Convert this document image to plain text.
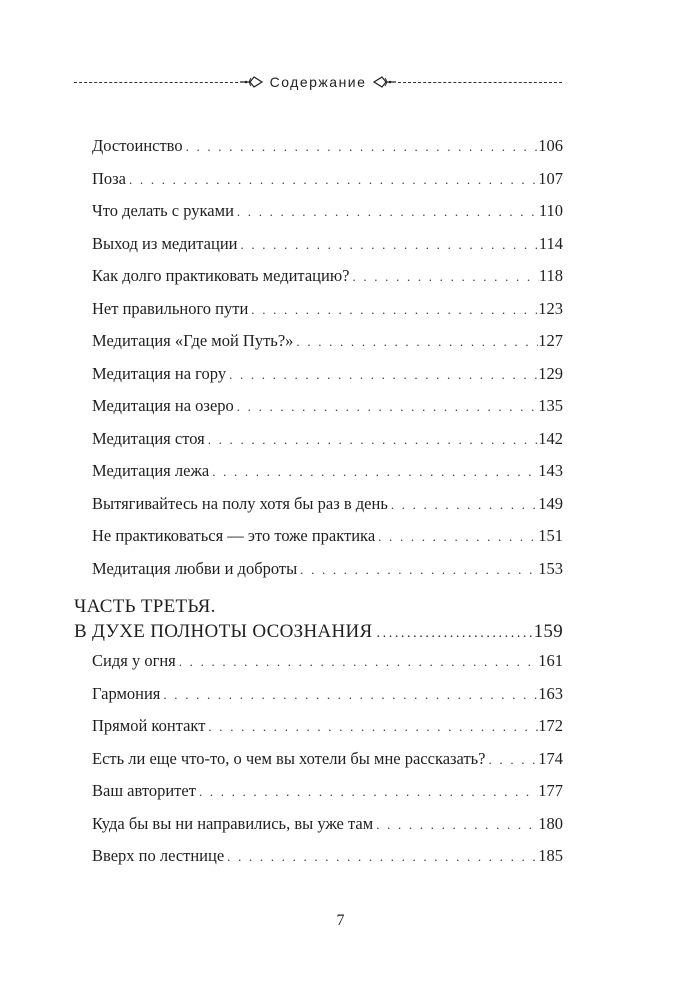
Содержание
Достоинство . . .	106
Поза . . .	107
Что делать с руками . . .	110
Выход из медитации . . .	114
Как долго практиковать медитацию? . . .	118
Нет правильного пути . . .	123
Медитация «Где мой Путь?» . . .	127
Медитация на гору . . .	129
Медитация на озеро . . .	135
Медитация стоя . . .	142
Медитация лежа . . .	143
Вытягивайтесь на полу хотя бы раз в день . . .	149
Не практиковаться — это тоже практика . . .	151
Медитация любви и доброты . . .	153
ЧАСТЬ ТРЕТЬЯ.
В ДУХЕ ПОЛНОТЫ ОСОЗНАНИЯ .....	159
Сидя у огня . . .	161
Гармония . . .	163
Прямой контакт . . .	172
Есть ли еще что-то, о чем вы хотели бы мне рассказать? . . .	174
Ваш авторитет . . .	177
Куда бы вы ни направились, вы уже там . . .	180
Вверх по лестнице . . .	185
7
